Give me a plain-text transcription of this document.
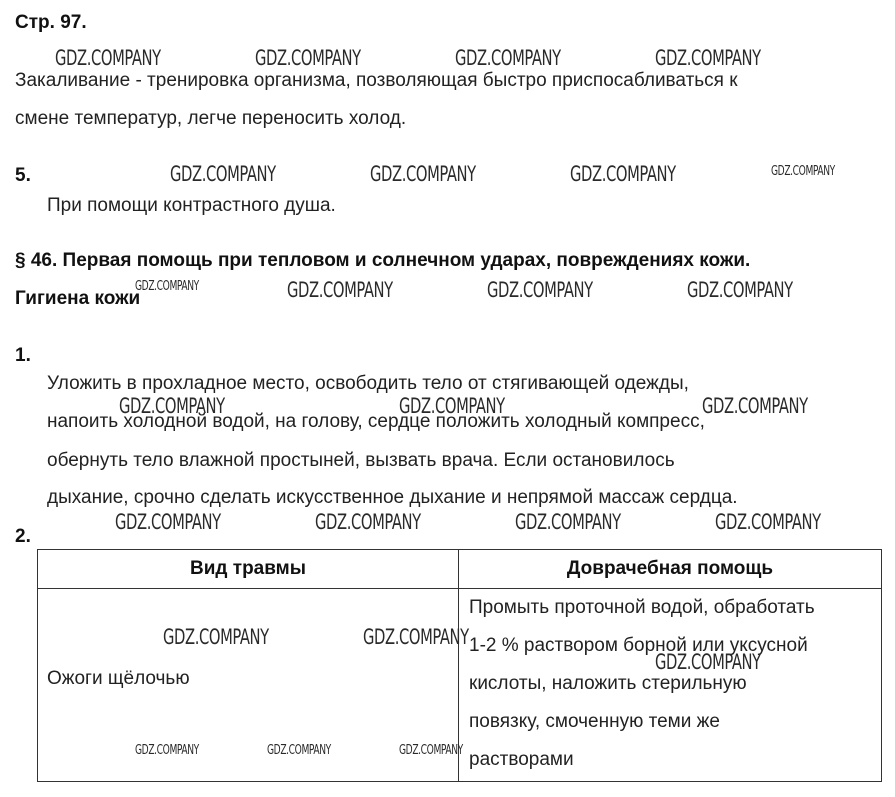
Стр. 97.
Закаливание - тренировка организма, позволяющая быстро приспосабливаться к
смене температур, легче переносить холод.
5.
При помощи контрастного душа.
§ 46. Первая помощь при тепловом и солнечном ударах, повреждениях кожи.
Гигиена кожи
1.
Уложить в прохладное место, освободить тело от стягивающей одежды,
напоить холодной водой, на голову, сердце положить холодный компресс,
обернуть тело влажной простыней, вызвать врача. Если остановилось
дыхание, срочно сделать искусственное дыхание и непрямой массаж сердца.
2.
Вид травмы	Доврачебная помощь

Ожоги щёлочью	Промыть проточной водой, обработать
1-2 % раствором борной или уксусной
кислоты, наложить стерильную
повязку, смоченную теми же
растворами
GDZ.COMPANY	GDZ.COMPANY	GDZ.COMPANY	GDZ.COMPANY
GDZ.COMPANY	GDZ.COMPANY	GDZ.COMPANY	GDZ.COMPANY
GDZ.COMPANY	GDZ.COMPANY	GDZ.COMPANY	GDZ.COMPANY
GDZ.COMPANY	GDZ.COMPANY	GDZ.COMPANY
GDZ.COMPANY	GDZ.COMPANY	GDZ.COMPANY	GDZ.COMPANY
GDZ.COMPANY	GDZ.COMPANY
GDZ.COMPANY
GDZ.COMPANY	GDZ.COMPANY	GDZ.COMPANY
